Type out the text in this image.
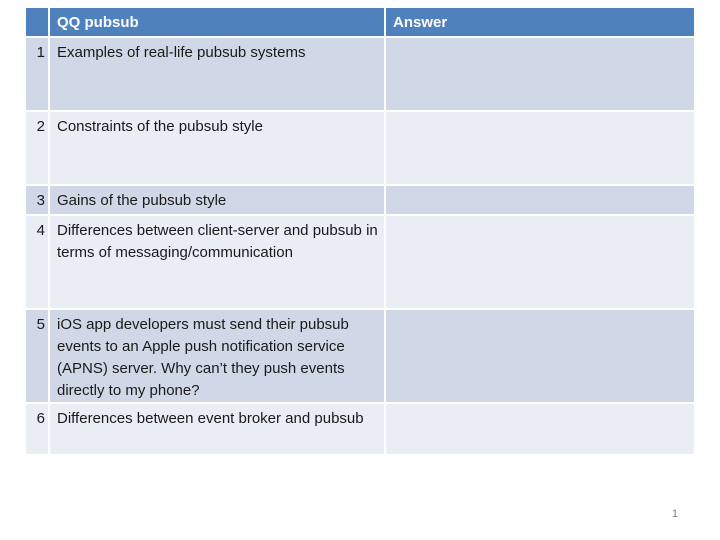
	QQ pubsub	Answer

1	Examples of real-life pubsub systems	
2	Constraints of the pubsub style	
3	Gains of the pubsub style	
4	Differences between client-server and pubsub in terms of messaging/communication	
5	iOS app developers must send their pubsub events to an Apple push notification service (APNS) server. Why can’t they push events directly to my phone?	
6	Differences between event broker and pubsub	
1
